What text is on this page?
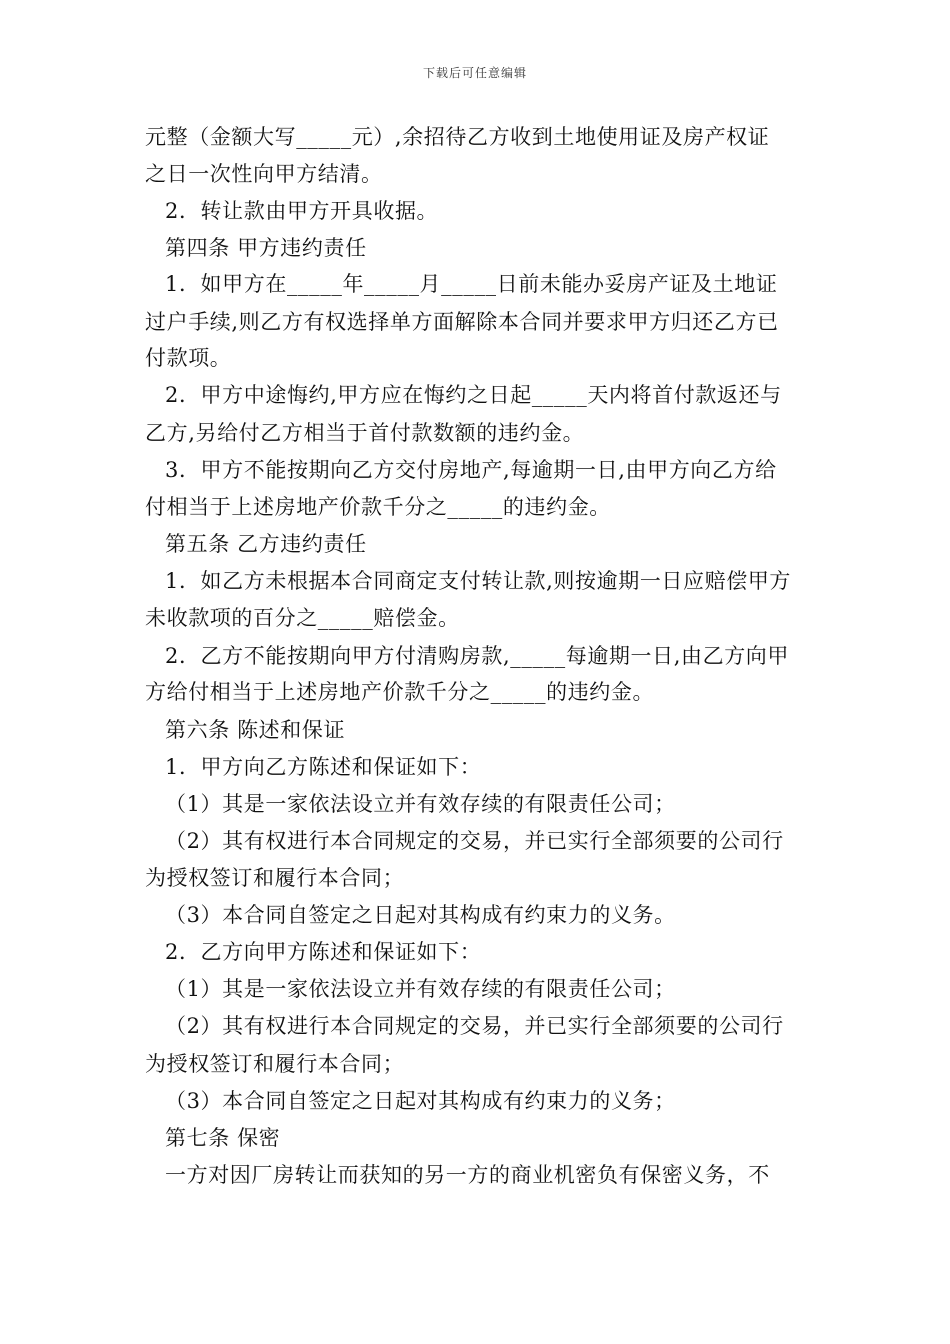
下载后可任意编辑

元整（金额大写_____元）,余招待乙方收到土地使用证及房产权证

之日一次性向甲方结清。

2．转让款由甲方开具收据。

第四条 甲方违约责任

1．如甲方在_____年_____月_____日前未能办妥房产证及土地证

过户手续,则乙方有权选择单方面解除本合同并要求甲方归还乙方已

付款项。

2．甲方中途悔约,甲方应在悔约之日起_____天内将首付款返还与

乙方,另给付乙方相当于首付款数额的违约金。

3．甲方不能按期向乙方交付房地产,每逾期一日,由甲方向乙方给

付相当于上述房地产价款千分之_____的违约金。

第五条 乙方违约责任

1．如乙方未根据本合同商定支付转让款,则按逾期一日应赔偿甲方

未收款项的百分之_____赔偿金。

2．乙方不能按期向甲方付清购房款,_____每逾期一日,由乙方向甲

方给付相当于上述房地产价款千分之_____的违约金。

第六条 陈述和保证

1．甲方向乙方陈述和保证如下：

（1）其是一家依法设立并有效存续的有限责任公司；

（2）其有权进行本合同规定的交易，并已实行全部须要的公司行

为授权签订和履行本合同；

（3）本合同自签定之日起对其构成有约束力的义务。

2．乙方向甲方陈述和保证如下：

（1）其是一家依法设立并有效存续的有限责任公司；

（2）其有权进行本合同规定的交易，并已实行全部须要的公司行

为授权签订和履行本合同；

（3）本合同自签定之日起对其构成有约束力的义务；

第七条 保密

一方对因厂房转让而获知的另一方的商业机密负有保密义务，不
